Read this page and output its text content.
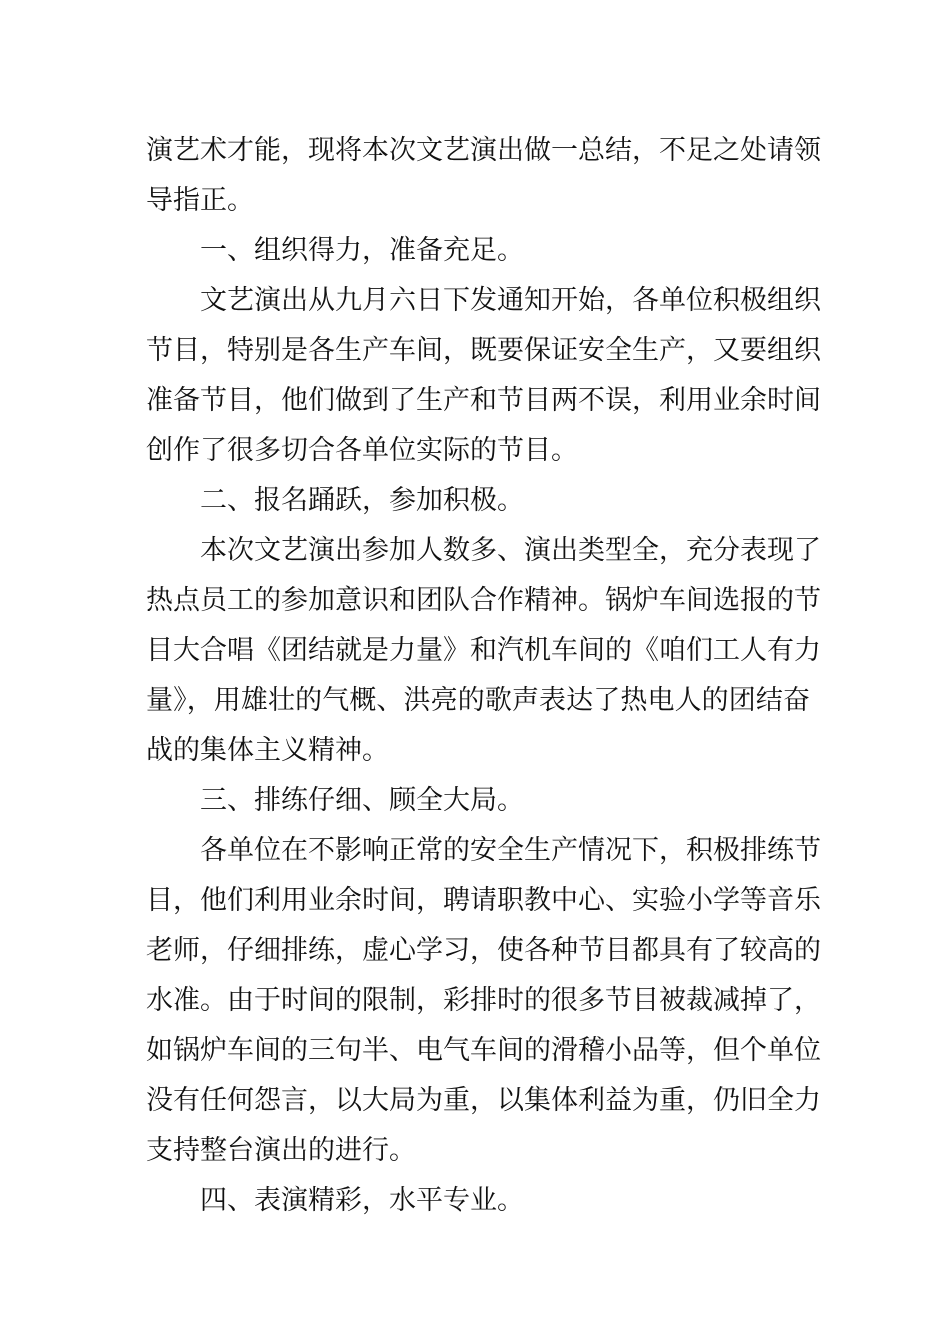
演艺术才能，现将本次文艺演出做一总结，不足之处请领
导指正。
一、组织得力，准备充足。
文艺演出从九月六日下发通知开始，各单位积极组织
节目，特别是各生产车间，既要保证安全生产，又要组织
准备节目，他们做到了生产和节目两不误，利用业余时间
创作了很多切合各单位实际的节目。
二、报名踊跃，参加积极。
本次文艺演出参加人数多、演出类型全，充分表现了
热点员工的参加意识和团队合作精神。锅炉车间选报的节
目大合唱《团结就是力量》和汽机车间的《咱们工人有力
量》，用雄壮的气概、洪亮的歌声表达了热电人的团结奋
战的集体主义精神。
三、排练仔细、顾全大局。
各单位在不影响正常的安全生产情况下，积极排练节
目，他们利用业余时间，聘请职教中心、实验小学等音乐
老师，仔细排练，虚心学习，使各种节目都具有了较高的
水准。由于时间的限制，彩排时的很多节目被裁减掉了，
如锅炉车间的三句半、电气车间的滑稽小品等，但个单位
没有任何怨言，以大局为重，以集体利益为重，仍旧全力
支持整台演出的进行。
四、表演精彩，水平专业。
